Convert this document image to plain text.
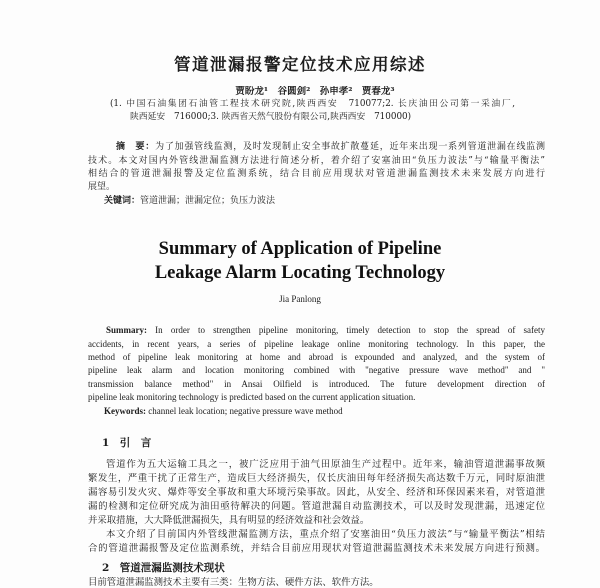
管道泄漏报警定位技术应用综述
贾盼龙¹　谷圆剑²　孙申孝²　贾春龙³
(1. 中国石油集团石油管工程技术研究院,陕西西安　710077;2. 长庆油田公司第一采油厂,
陕西延安　716000;3. 陕西省天然气股份有限公司,陕西西安　710000)
摘　要：为了加强管线监测，及时发现制止安全事故扩散蔓延，近年来出现一系列管道泄漏在线监测
技术。本文对国内外管线泄漏监测方法进行简述分析，着介绍了安塞油田“负压力波法”与“输量平衡法”
相结合的管道泄漏报警及定位监测系统，结合目前应用现状对管道泄漏监测技术未来发展方向进行
展望。
关键词：管道泄漏；泄漏定位；负压力波法
Summary of Application of Pipeline
Leakage Alarm Locating Technology
Jia Panlong
Summary: In order to strengthen pipeline monitoring, timely detection to stop the spread of safety
accidents, in recent years, a series of pipeline leakage online monitoring technology. In this paper, the
method of pipeline leak monitoring at home and abroad is expounded and analyzed, and the system of
pipeline leak alarm and location monitoring combined with "negative pressure wave method" and "
transmission balance method" in Ansai Oilfield is introduced. The future development direction of
pipeline leak monitoring technology is predicted based on the current application situation.
Keywords: channel leak location; negative pressure wave method
1　引　言
管道作为五大运输工具之一，被广泛应用于油气田原油生产过程中。近年来，输油管道泄漏事故频
繁发生，严重干扰了正常生产，造成巨大经济损失，仅长庆油田每年经济损失高达数千万元，同时原油泄
漏容易引发火灾、爆炸等安全事故和重大环境污染事故。因此，从安全、经济和环保因素来看，对管道泄
漏的检测和定位研究成为油田亟待解决的问题。管道泄漏自动监测技术，可以及时发现泄漏，迅速定位
并采取措施，大大降低泄漏损失，具有明显的经济效益和社会效益。
本文介绍了目前国内外管线泄漏监测方法，重点介绍了安塞油田“负压力波法”与“输量平衡法”相结
合的管道泄漏报警及定位监测系统，并结合目前应用现状对管道泄漏监测技术未来发展方向进行预测。
2　管道泄漏监测技术现状
目前管道泄漏监测技术主要有三类：生物方法、硬件方法、软件方法。
